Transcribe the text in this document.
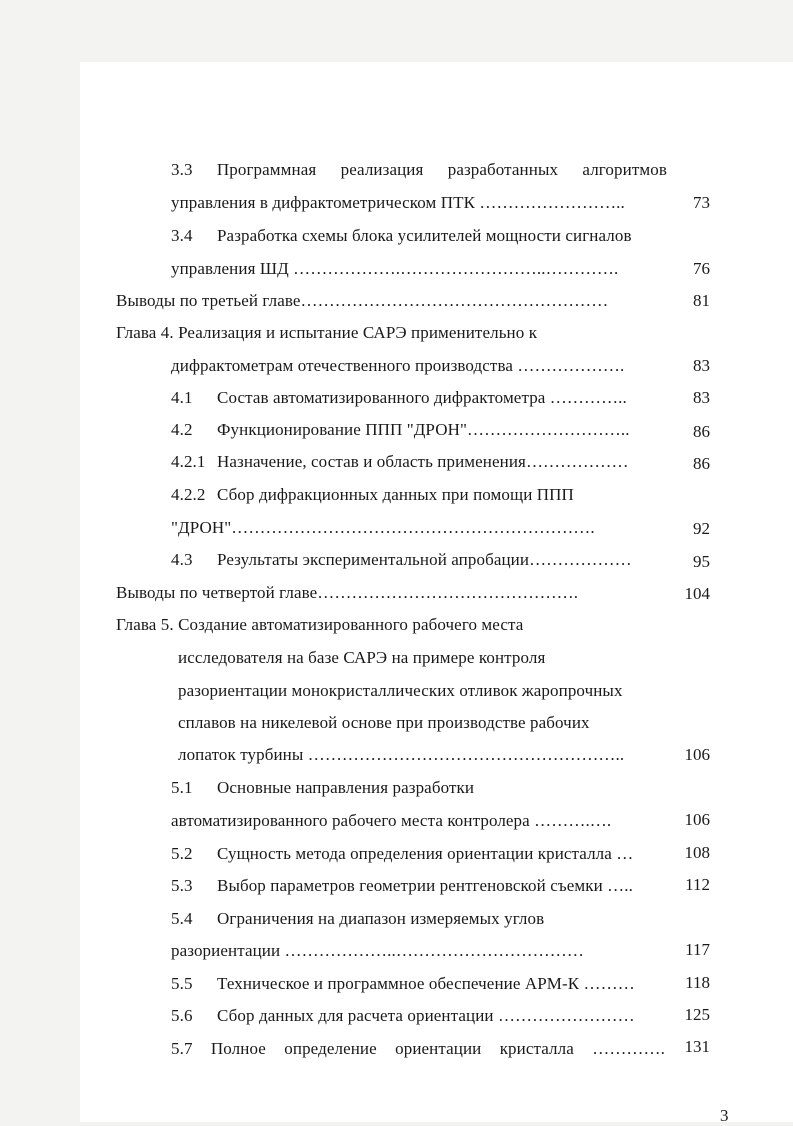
3.3 Программная реализация разработанных алгоритмов
управления в дифрактометрическом ПТК ……………………..	73
3.4 Разработка схемы блока усилителей мощности сигналов
управления ШД ……………….……………………..………….	76
Выводы по третьей главе………………………………………………	81
Глава 4. Реализация и испытание САРЭ применительно к
дифрактометрам отечественного производства ……………….	83
4.1 Состав автоматизированного дифрактометра …………..	83
4.2 Функционирование ППП "ДРОН"………………………..	86
4.2.1 Назначение, состав и область применения………………	86
4.2.2 Сбор дифракционных данных при помощи ППП
"ДРОН"……………………………………………………….	92
4.3 Результаты экспериментальной апробации………………	95
Выводы по четвертой главе……………………………………….	104
Глава 5. Создание автоматизированного рабочего места
исследователя на базе САРЭ на примере контроля
разориентации монокристаллических отливок жаропрочных
сплавов на никелевой основе при производстве рабочих
лопаток турбины ………………………………………………..	106
5.1 Основные направления разработки
автоматизированного рабочего места контролера ……….….	106
5.2 Сущность метода определения ориентации кристалла …	108
5.3 Выбор параметров геометрии рентгеновской съемки …..	112
5.4 Ограничения на диапазон измеряемых углов
разориентации ………………..……………………………	117
5.5 Техническое и программное обеспечение АРМ-К ………	118
5.6 Сбор данных для расчета ориентации ……………………	125
5.7 Полное определение ориентации кристалла ………….	131
3
